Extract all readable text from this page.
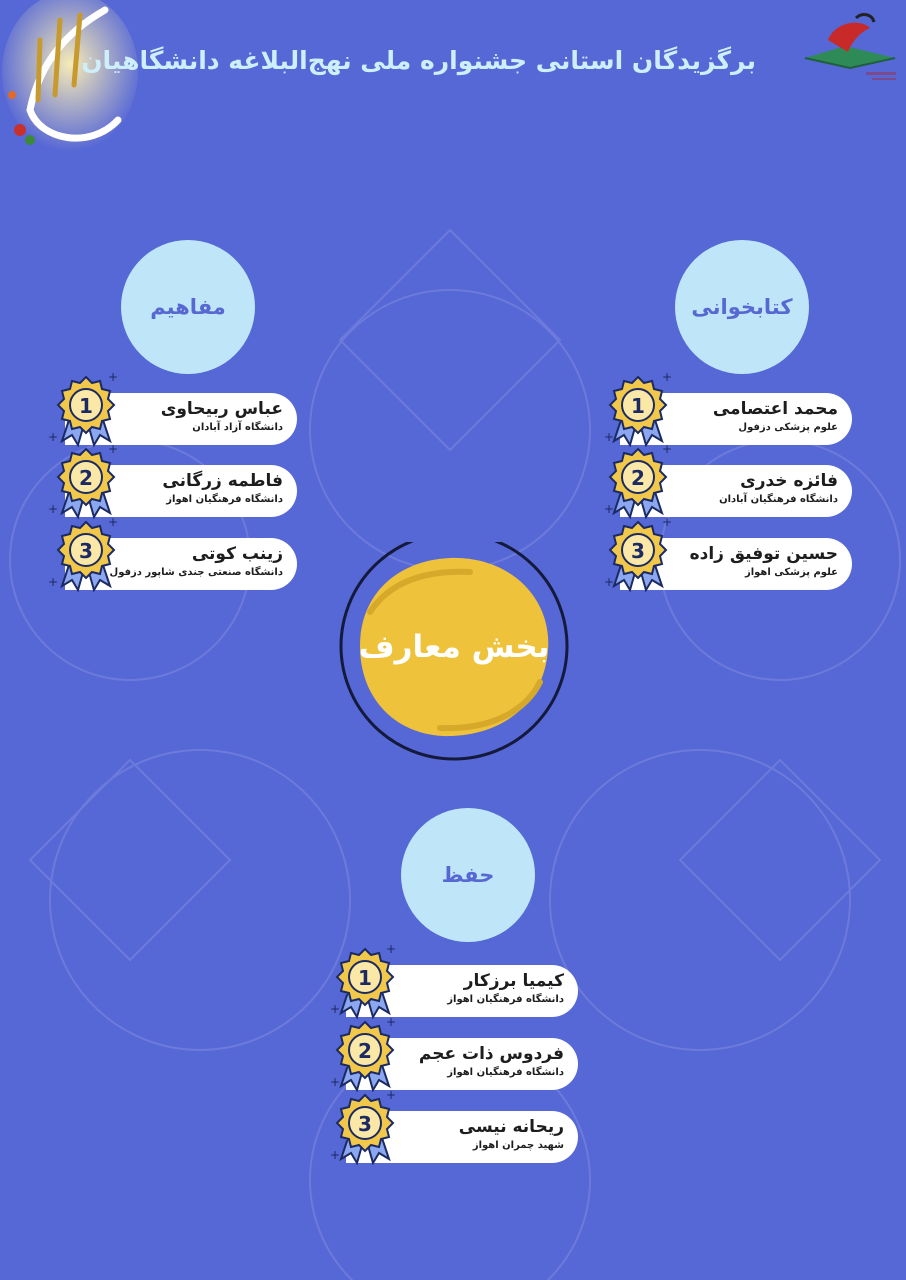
برگزیدگان استانی جشنواره ملی نهج‌البلاغه دانشگاهیان
مفاهیم	کتابخوانی
حفظ
بخش معارف
عباس ربیحاوی
دانشگاه آزاد آبادان
1
+
+
فاطمه زرگانی
دانشگاه فرهنگیان اهواز
2
+
+
زینب کوتی
دانشگاه صنعتی جندی شاپور دزفول
3
+
+
محمد اعتصامی
علوم پزشکی دزفول
1
+
+
فائزه خدری
دانشگاه فرهنگیان آبادان
2
+
+
حسین توفیق زاده
علوم پزشکی اهواز
3
+
+
کیمیا برزکار
دانشگاه فرهنگیان اهواز
1
+
+
فردوس ذات عجم
دانشگاه فرهنگیان اهواز
2
+
+
ریحانه نیسی
شهید چمران اهواز
3
+
+
